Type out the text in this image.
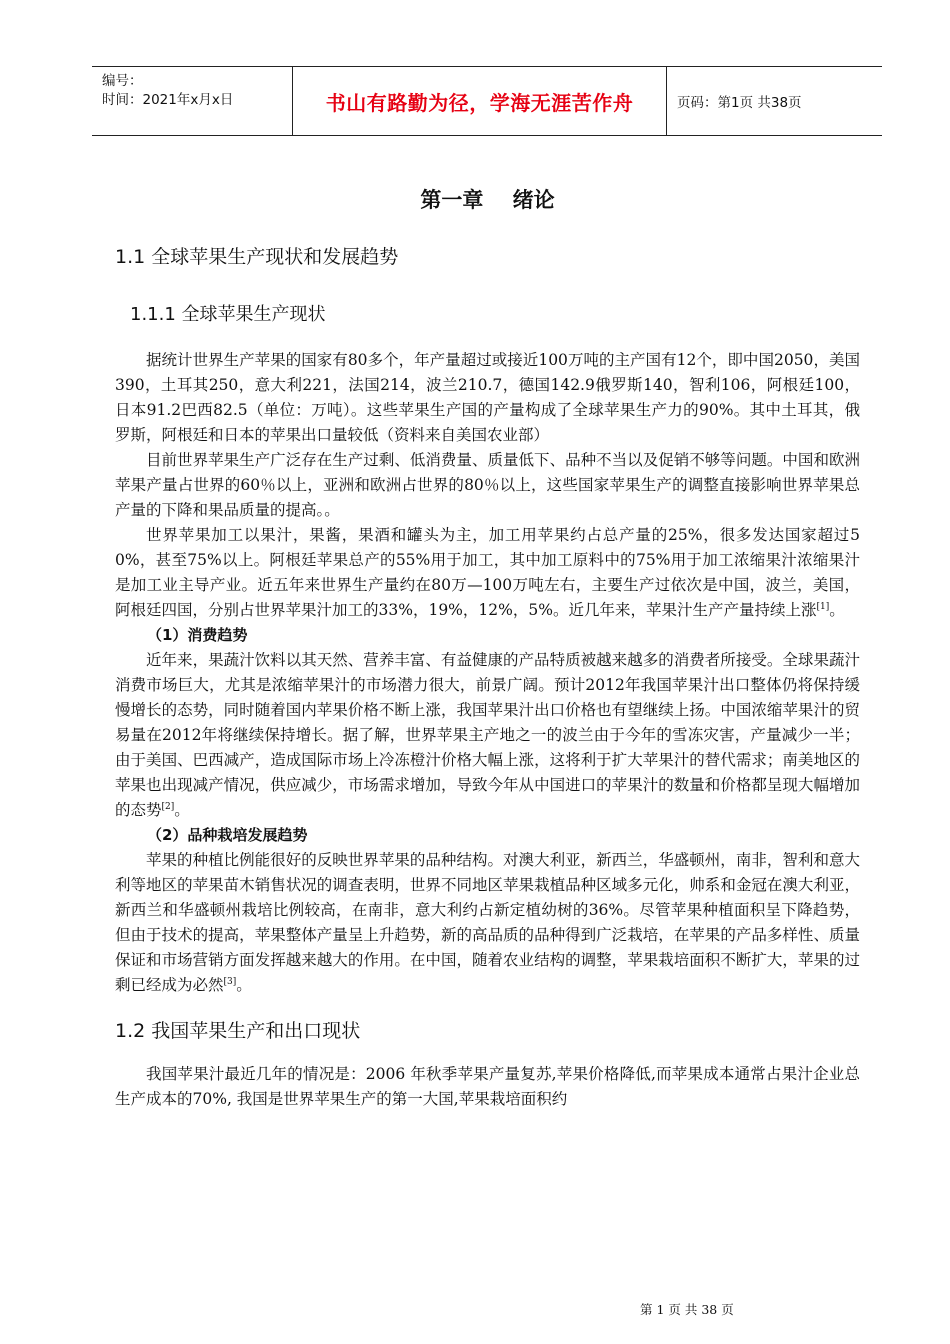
编号：
时间：2021年x月x日	书山有路勤为径，学海无涯苦作舟	页码：第1页 共38页
第一章    绪论
1.1 全球苹果生产现状和发展趋势
1.1.1 全球苹果生产现状

据统计世界生产苹果的国家有80多个，年产量超过或接近100万吨的主产国有12个，即中国2050，美国390，土耳其250，意大利221，法国214，波兰210.7，德国142.9俄罗斯140，智利106，阿根廷100，日本91.2巴西82.5（单位：万吨）。这些苹果生产国的产量构成了全球苹果生产力的90%。其中土耳其，俄罗斯，阿根廷和日本的苹果出口量较低（资料来自美国农业部）

目前世界苹果生产广泛存在生产过剩、低消费量、质量低下、品种不当以及促销不够等问题。中国和欧洲苹果产量占世界的60％以上，亚洲和欧洲占世界的80％以上，这些国家苹果生产的调整直接影响世界苹果总产量的下降和果品质量的提高。。

世界苹果加工以果汁，果酱，果酒和罐头为主，加工用苹果约占总产量的25%，很多发达国家超过50%，甚至75%以上。阿根廷苹果总产的55%用于加工，其中加工原料中的75%用于加工浓缩果汁浓缩果汁是加工业主导产业。近五年来世界生产量约在80万—100万吨左右，主要生产过依次是中国，波兰，美国，阿根廷四国，分别占世界苹果汁加工的33%，19%，12%，5%。近几年来，苹果汁生产产量持续上涨[1]。

（1）消费趋势

近年来，果蔬汁饮料以其天然、营养丰富、有益健康的产品特质被越来越多的消费者所接受。全球果蔬汁消费市场巨大，尤其是浓缩苹果汁的市场潜力很大，前景广阔。预计2012年我国苹果汁出口整体仍将保持缓慢增长的态势，同时随着国内苹果价格不断上涨，我国苹果汁出口价格也有望继续上扬。中国浓缩苹果汁的贸易量在2012年将继续保持增长。据了解，世界苹果主产地之一的波兰由于今年的雪冻灾害，产量减少一半；由于美国、巴西减产，造成国际市场上冷冻橙汁价格大幅上涨，这将利于扩大苹果汁的替代需求；南美地区的苹果也出现减产情况，供应减少，市场需求增加，导致今年从中国进口的苹果汁的数量和价格都呈现大幅增加的态势[2]。

（2）品种栽培发展趋势

苹果的种植比例能很好的反映世界苹果的品种结构。对澳大利亚，新西兰，华盛顿州，南非，智利和意大利等地区的苹果苗木销售状况的调查表明，世界不同地区苹果栽植品种区域多元化，帅系和金冠在澳大利亚，新西兰和华盛顿州栽培比例较高，在南非，意大利约占新定植幼树的36%。尽管苹果种植面积呈下降趋势，但由于技术的提高，苹果整体产量呈上升趋势，新的高品质的品种得到广泛栽培，在苹果的产品多样性、质量保证和市场营销方面发挥越来越大的作用。在中国，随着农业结构的调整，苹果栽培面积不断扩大，苹果的过剩已经成为必然[3]。

1.2 我国苹果生产和出口现状

我国苹果汁最近几年的情况是：2006 年秋季苹果产量复苏,苹果价格降低,而苹果成本通常占果汁企业总生产成本的70%, 我国是世界苹果生产的第一大国,苹果栽培面积约

第 1 页 共 38 页
